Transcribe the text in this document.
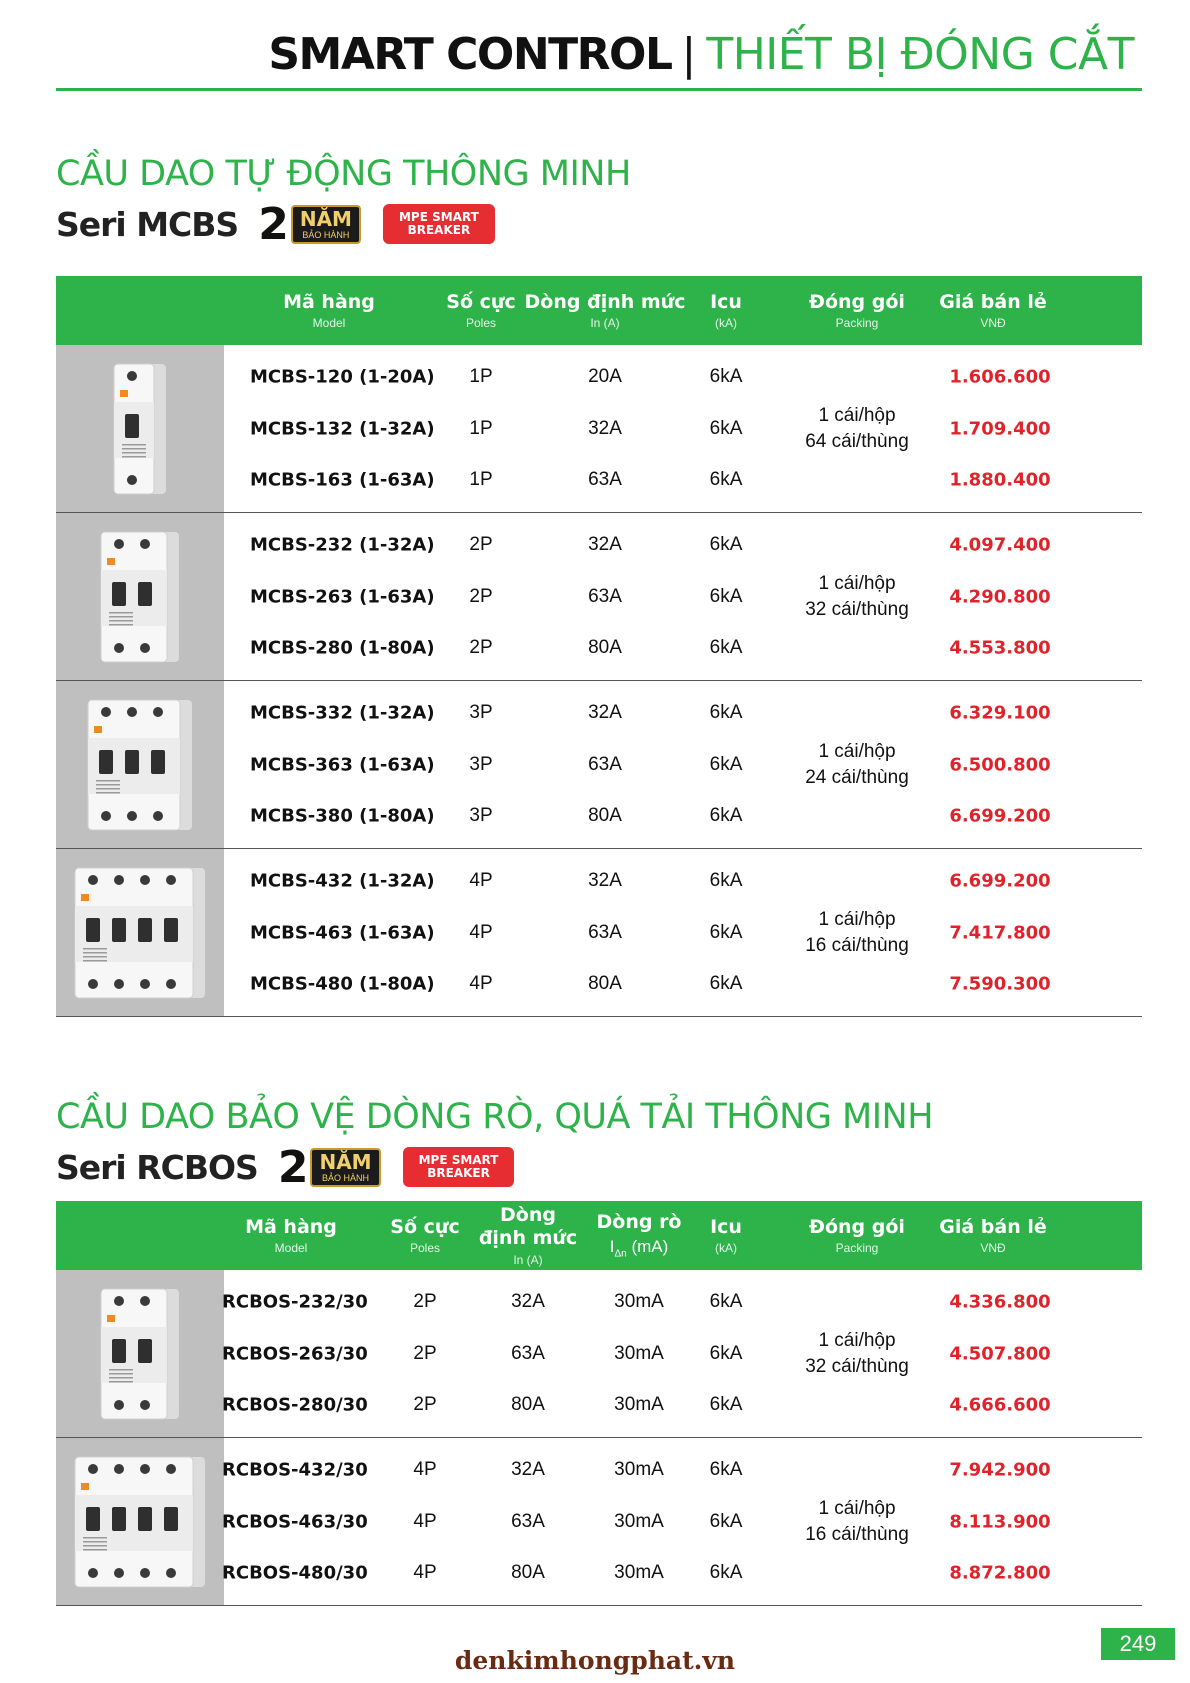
SMART CONTROL | THIẾT BỊ ĐÓNG CẮT
CẦU DAO TỰ ĐỘNG THÔNG MINH
Seri MCBS 2 NĂM
BẢO HÀNH
MPE SMART
BREAKER
Mã hàng
Model
Số cực
Poles
Dòng định mức
In (A)
Icu
(kA)
Đóng gói
Packing
Giá bán lẻ
VNĐ
MCBS-120 (1-20A) 1P	20A	6kA	1.606.600
MCBS-132 (1-32A) 1P	32A	6kA	1.709.400
MCBS-163 (1-63A) 1P	63A	6kA	1.880.400
1 cái/hộp
64 cái/thùng
MCBS-232 (1-32A) 2P	32A	6kA	4.097.400
MCBS-263 (1-63A) 2P	63A	6kA	4.290.800
MCBS-280 (1-80A) 2P	80A	6kA	4.553.800
1 cái/hộp
32 cái/thùng
MCBS-332 (1-32A) 3P	32A	6kA	6.329.100
MCBS-363 (1-63A) 3P	63A	6kA	6.500.800
MCBS-380 (1-80A) 3P	80A	6kA	6.699.200
1 cái/hộp
24 cái/thùng
MCBS-432 (1-32A) 4P	32A	6kA	6.699.200
MCBS-463 (1-63A) 4P	63A	6kA	7.417.800
MCBS-480 (1-80A) 4P	80A	6kA	7.590.300
1 cái/hộp
16 cái/thùng
CẦU DAO BẢO VỆ DÒNG RÒ, QUÁ TẢI THÔNG MINH
Seri RCBOS 2 NĂM
BẢO HÀNH
MPE SMART
BREAKER
Mã hàng
Model
Số cực
Poles
Dòng
định mức
In (A)
Dòng rò
$I_{\Delta n}$ (mA)
Icu
(kA)
Đóng gói
Packing
Giá bán lẻ
VNĐ
RCBOS-232/30 2P	32A	30mA 6kA	4.336.800
RCBOS-263/30 2P	63A	30mA 6kA	4.507.800
RCBOS-280/30 2P	80A	30mA 6kA	4.666.600
1 cái/hộp
32 cái/thùng
RCBOS-432/30 4P	32A	30mA 6kA	7.942.900
RCBOS-463/30 4P	63A	30mA 6kA	8.113.900
RCBOS-480/30 4P	80A	30mA 6kA	8.872.800
1 cái/hộp
16 cái/thùng
249
denkimhongphat.vn
